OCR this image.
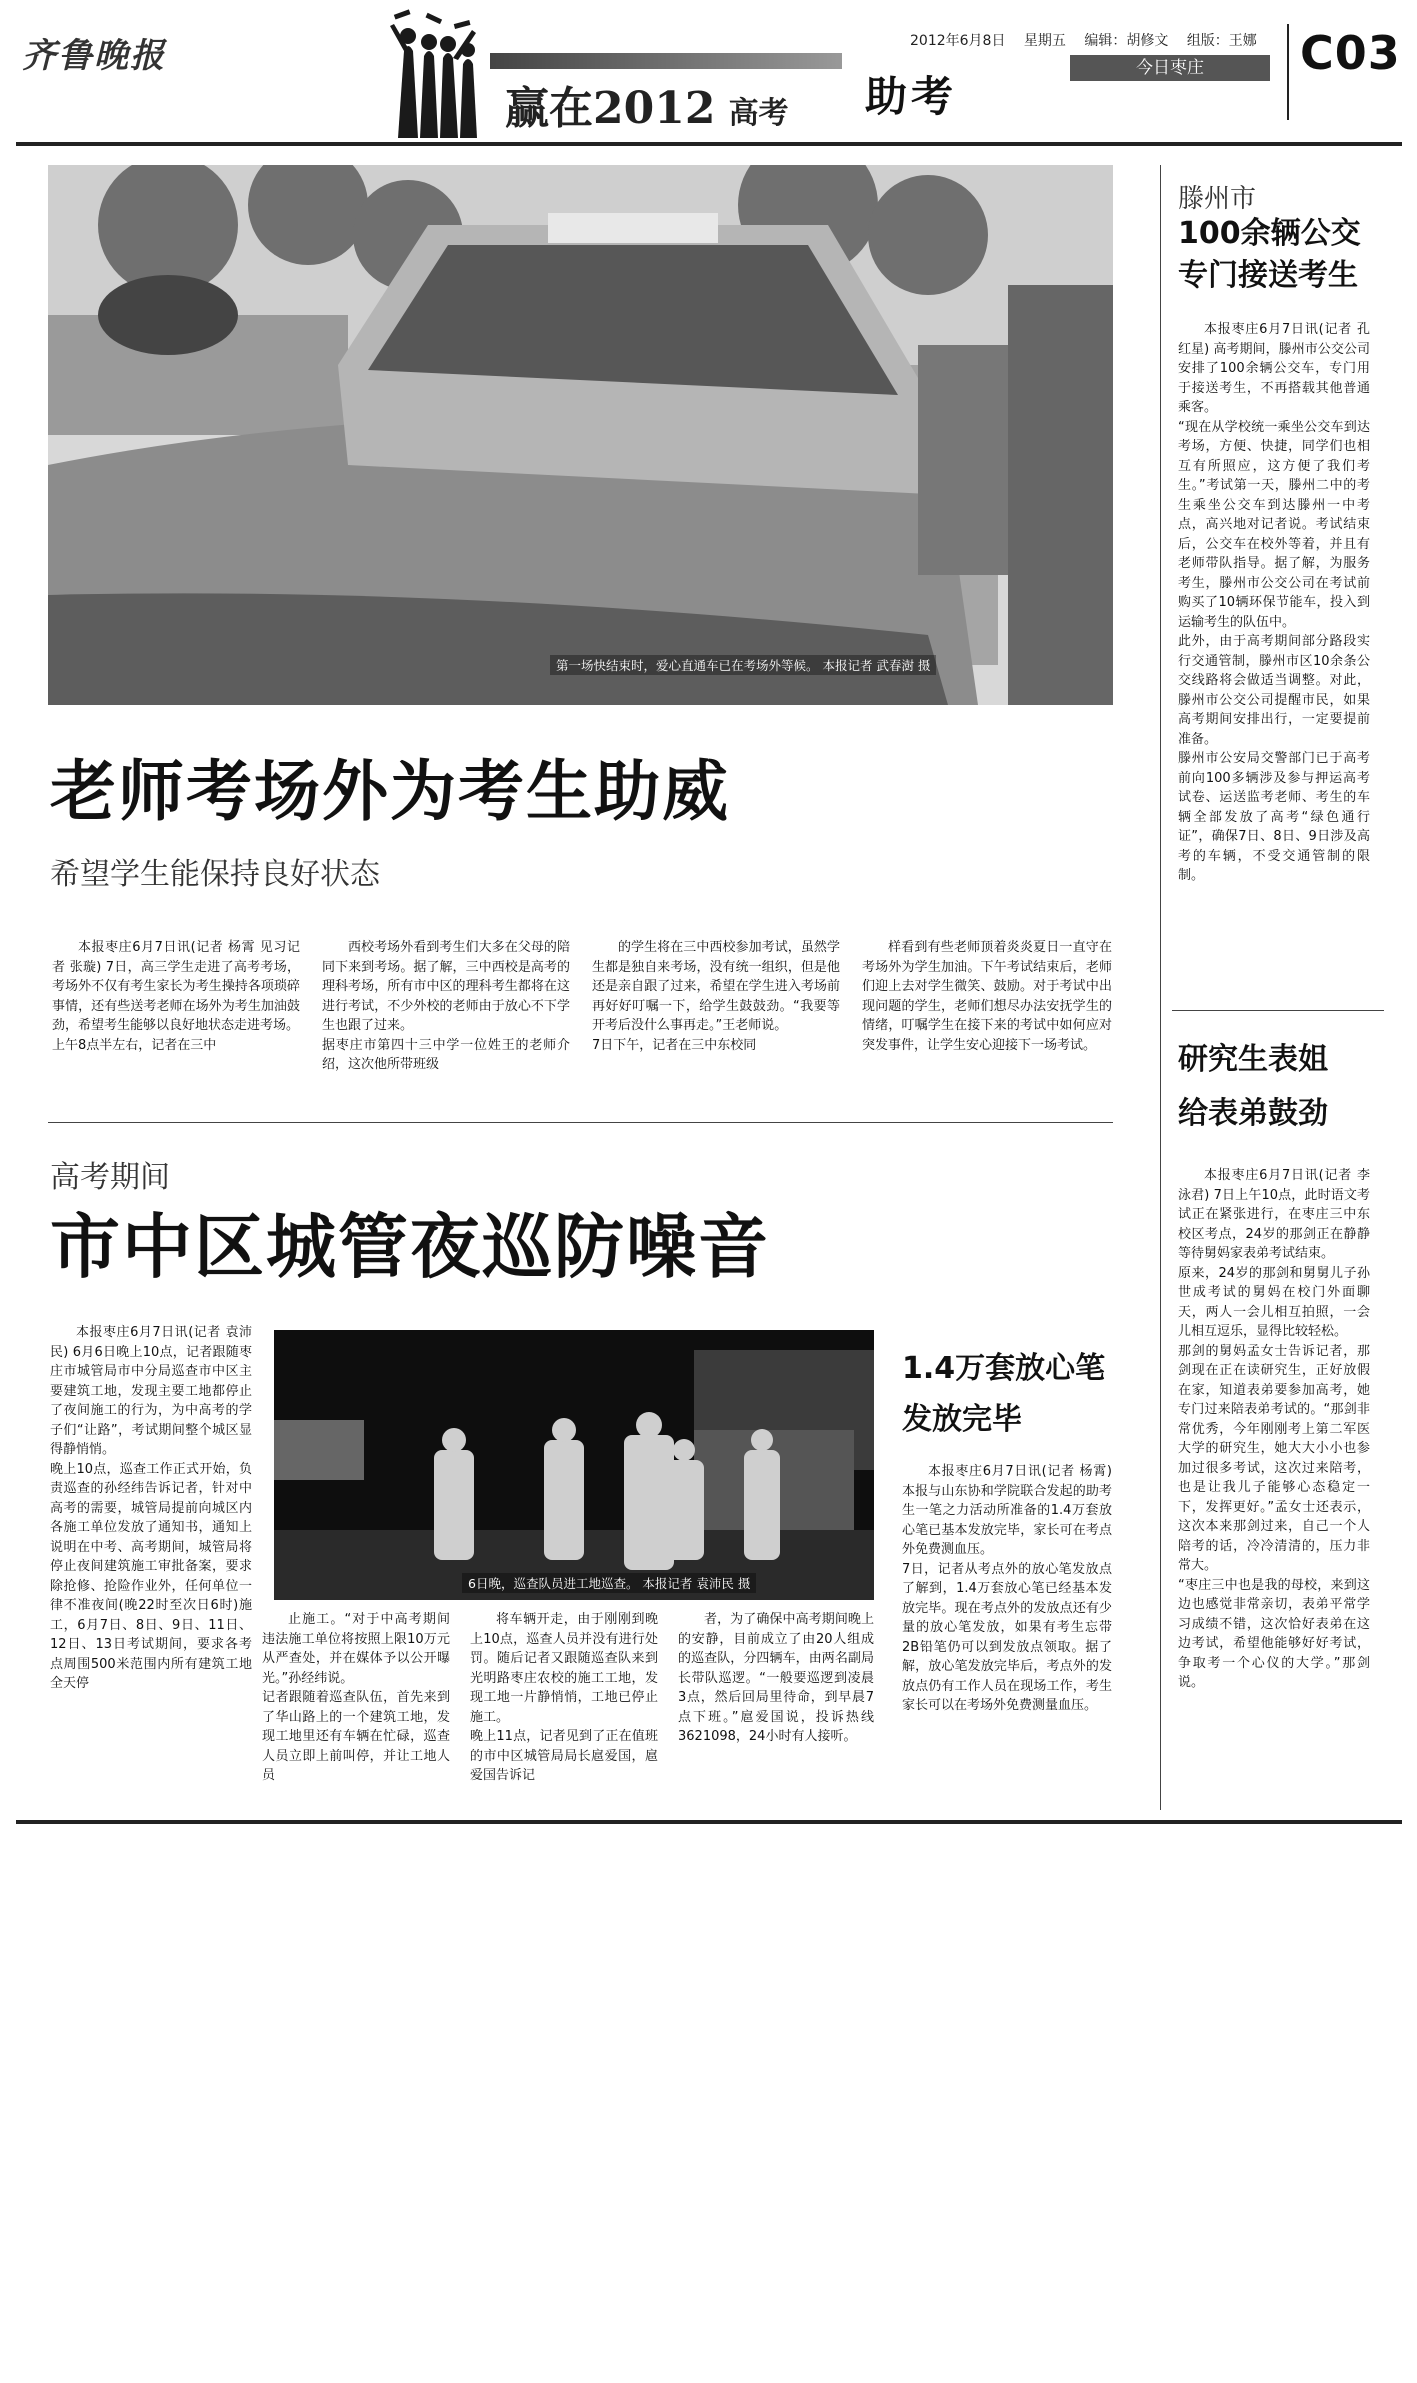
齐鲁晚报
赢在2012 高考 助考
2012年6月8日 星期五 编辑：胡修文 组版：王娜
今日枣庄	C03
第一场快结束时，爱心直通车已在考场外等候。 本报记者 武春澍 摄
老师考场外为考生助威
希望学生能保持良好状态
本报枣庄6月7日讯(记者 杨霄 见习记者 张璇) 7日，高三学生走进了高考考场，考场外不仅有考生家长为考生操持各项琐碎事情，还有些送考老师在场外为考生加油鼓劲，希望考生能够以良好地状态走进考场。
上午8点半左右，记者在三中
西校考场外看到考生们大多在父母的陪同下来到考场。据了解，三中西校是高考的理科考场，所有市中区的理科考生都将在这进行考试，不少外校的老师由于放心不下学生也跟了过来。
据枣庄市第四十三中学一位姓王的老师介绍，这次他所带班级
的学生将在三中西校参加考试，虽然学生都是独自来考场，没有统一组织，但是他还是亲自跟了过来，希望在学生进入考场前再好好叮嘱一下，给学生鼓鼓劲。“我要等开考后没什么事再走。”王老师说。
7日下午，记者在三中东校同
样看到有些老师顶着炎炎夏日一直守在考场外为学生加油。下午考试结束后，老师们迎上去对学生微笑、鼓励。对于考试中出现问题的学生，老师们想尽办法安抚学生的情绪，叮嘱学生在接下来的考试中如何应对突发事件，让学生安心迎接下一场考试。
高考期间
市中区城管夜巡防噪音
本报枣庄6月7日讯(记者 袁沛民) 6月6日晚上10点，记者跟随枣庄市城管局市中分局巡查市中区主要建筑工地，发现主要工地都停止了夜间施工的行为，为中高考的学子们“让路”，考试期间整个城区显得静悄悄。
晚上10点，巡查工作正式开始，负责巡查的孙经纬告诉记者，针对中高考的需要，城管局提前向城区内各施工单位发放了通知书，通知上说明在中考、高考期间，城管局将停止夜间建筑施工审批备案，要求除抢修、抢险作业外，任何单位一律不准夜间(晚22时至次日6时)施工，6月7日、8日、9日、11日、12日、13日考试期间，要求各考点周围500米范围内所有建筑工地全天停
6日晚，巡查队员进工地巡查。 本报记者 袁沛民 摄
止施工。“对于中高考期间违法施工单位将按照上限10万元从严查处，并在媒体予以公开曝光。”孙经纬说。
记者跟随着巡查队伍，首先来到了华山路上的一个建筑工地，发现工地里还有车辆在忙碌，巡查人员立即上前叫停，并让工地人员
将车辆开走，由于刚刚到晚上10点，巡查人员并没有进行处罚。随后记者又跟随巡查队来到光明路枣庄农校的施工工地，发现工地一片静悄悄，工地已停止施工。
晚上11点，记者见到了正在值班的市中区城管局局长扈爱国，扈爱国告诉记
者，为了确保中高考期间晚上的安静，目前成立了由20人组成的巡查队，分四辆车，由两名副局长带队巡逻。“一般要巡逻到凌晨3点，然后回局里待命，到早晨7点下班。”扈爱国说，投诉热线3621098，24小时有人接听。
1.4万套放心笔
发放完毕
本报枣庄6月7日讯(记者 杨霄) 本报与山东协和学院联合发起的助考生一笔之力活动所准备的1.4万套放心笔已基本发放完毕，家长可在考点外免费测血压。
7日，记者从考点外的放心笔发放点了解到，1.4万套放心笔已经基本发放完毕。现在考点外的发放点还有少量的放心笔发放，如果有考生忘带2B铅笔仍可以到发放点领取。据了解，放心笔发放完毕后，考点外的发放点仍有工作人员在现场工作，考生家长可以在考场外免费测量血压。
滕州市
100余辆公交
专门接送考生
本报枣庄6月7日讯(记者 孔红星) 高考期间，滕州市公交公司安排了100余辆公交车，专门用于接送考生，不再搭载其他普通乘客。
“现在从学校统一乘坐公交车到达考场，方便、快捷，同学们也相互有所照应，这方便了我们考生。”考试第一天，滕州二中的考生乘坐公交车到达滕州一中考点，高兴地对记者说。考试结束后，公交车在校外等着，并且有老师带队指导。据了解，为服务考生，滕州市公交公司在考试前购买了10辆环保节能车，投入到运输考生的队伍中。
此外，由于高考期间部分路段实行交通管制，滕州市区10余条公交线路将会做适当调整。对此，滕州市公交公司提醒市民，如果高考期间安排出行，一定要提前准备。
滕州市公安局交警部门已于高考前向100多辆涉及参与押运高考试卷、运送监考老师、考生的车辆全部发放了高考“绿色通行证”，确保7日、8日、9日涉及高考的车辆，不受交通管制的限制。
研究生表姐
给表弟鼓劲
本报枣庄6月7日讯(记者 李泳君) 7日上午10点，此时语文考试正在紧张进行，在枣庄三中东校区考点，24岁的那剑正在静静等待舅妈家表弟考试结束。
原来，24岁的那剑和舅舅儿子孙世成考试的舅妈在校门外面聊天，两人一会儿相互拍照，一会儿相互逗乐，显得比较轻松。
那剑的舅妈孟女士告诉记者，那剑现在正在读研究生，正好放假在家，知道表弟要参加高考，她专门过来陪表弟考试的。“那剑非常优秀，今年刚刚考上第二军医大学的研究生，她大大小小也参加过很多考试，这次过来陪考，也是让我儿子能够心态稳定一下，发挥更好。”孟女士还表示，这次本来那剑过来，自己一个人陪考的话，冷冷清清的，压力非常大。
“枣庄三中也是我的母校，来到这边也感觉非常亲切，表弟平常学习成绩不错，这次恰好表弟在这边考试，希望他能够好好考试，争取考一个心仪的大学。”那剑说。
